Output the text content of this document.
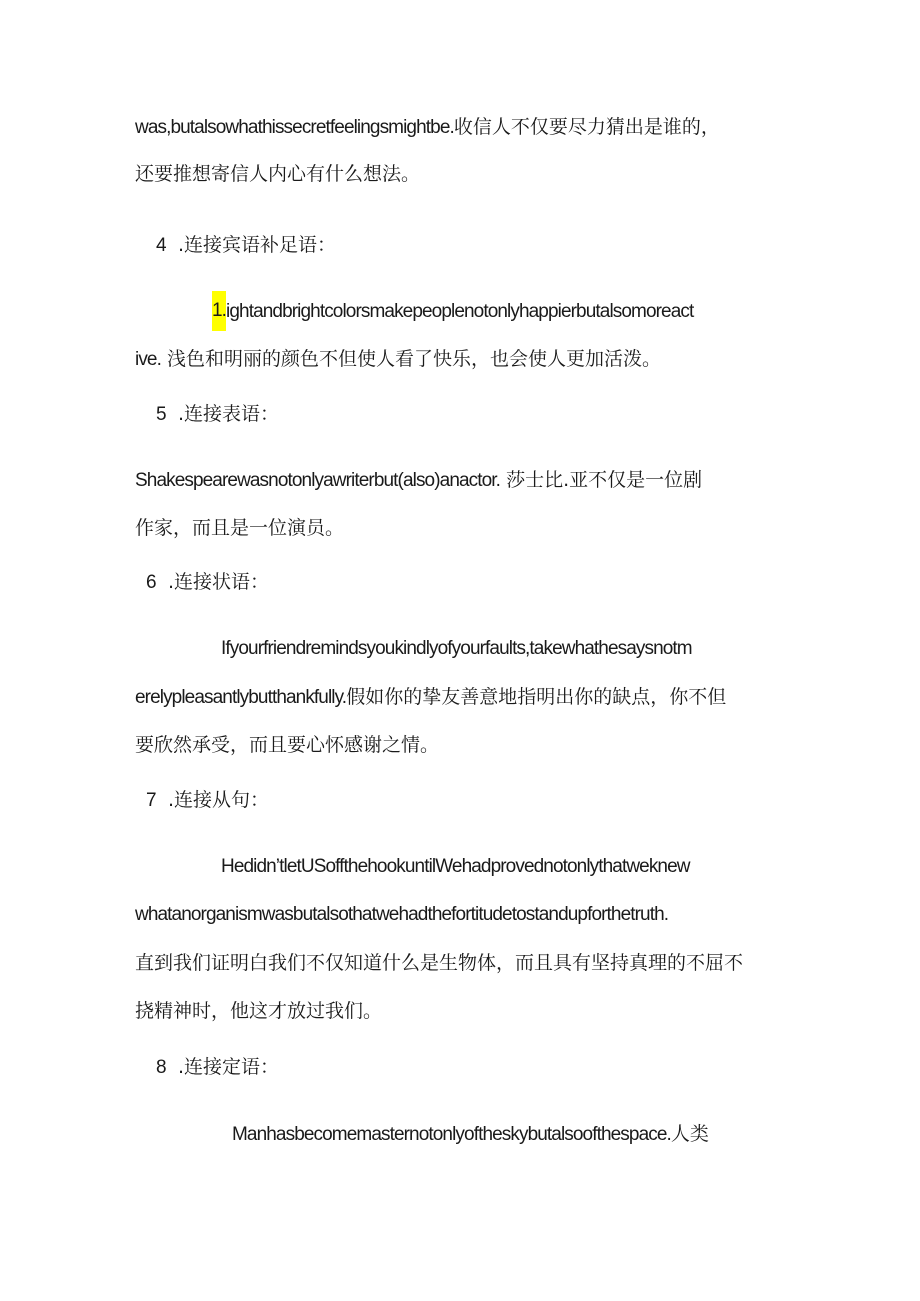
was,butalsowhathissecretfeelingsmightbe.收信人不仅要尽力猜出是谁的，
还要推想寄信人内心有什么想法。
4 .连接宾语补足语：
1.ightandbrightcolorsmakepeoplenotonlyhappierbutalsomoreact
ive. 浅色和明丽的颜色不但使人看了快乐，也会使人更加活泼。
5 .连接表语：
Shakespearewasnotonlyawriterbut(also)anactor. 莎士比.亚不仅是一位剧
作家，而且是一位演员。
6 .连接状语：
Ifyourfriendremindsyoukindlyofyourfaults,takewhathesaysnotm
erelypleasantlybutthankfully.假如你的挚友善意地指明出你的缺点，你不但
要欣然承受，而且要心怀感谢之情。
7 .连接从句：
Hedidn’tletUSoffthehookuntilWehadprovednotonlythatweknew
whatanorganismwasbutalsothatwehadthefortitudetostandupforthetruth.
直到我们证明白我们不仅知道什么是生物体，而且具有坚持真理的不屈不
挠精神时，他这才放过我们。
8 .连接定语：
Manhasbecomemasternotonlyoftheskybutalsoofthespace.人类
